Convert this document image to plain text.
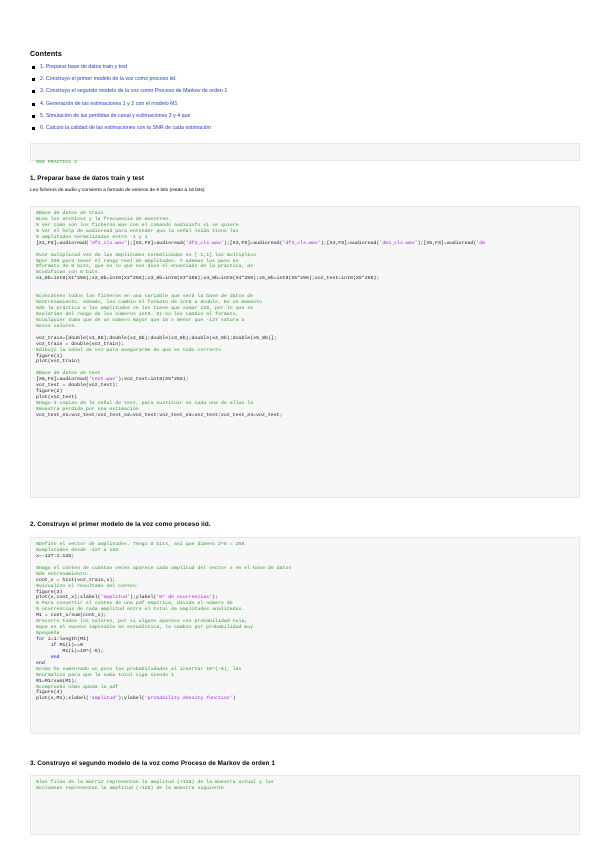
Contents
1. Preparar base de datos train y test
2. Construyo el primer modelo de la voz como proceso iid.
3. Construyo el segundo modelo de la voz como Proceso de Markov de orden 1
4. Generación de las estimaciones 1 y 2 con el modelo M1
5. Simulación de las perdidas de canal y estimaciones 3 y 4 que
6. Calculo la calidad de las estimaciones con la SNR de cada estimación

%%% PRACTICA 2

1. Preparar base de datos train y test
Leo ficheros de audio y convierto a formato de enteros de 8 bits (están a 16 bits)
%Base de datos de train
%Leo los archivos y la frecuencia de muestreo.
% ver como son los ficheros.wav con el comando audioinfo si se quiere.
% ver el help de audioread para entender que la señal leida tiene las
% amplitudes normalizadas entre -1 y 1
[X1,FS]=audioread('df1_cls.wav');[X2,FS]=audioread('df2_cls.wav');[X3,FS]=audioread('df3_cls.wav');[X4,FS]=audioread('dm1_cls.wav');[X5,FS]=audioread('dm
%voz muliplicad vez de las amplitudes normalizadas en [-1,1] las multiplico
%por 256 para tener el rango real de amplitudes. Y ademas las paso en
%formato de 8 bits, que es lo que nos dice el enunciado de la práctica, de
%codifican con 8 bits.
x1_8b=int8(X1*256);x2_8b=int8(X2*256);x3_8b=int8(X3*256);x4_8b=int8(X4*256);x5_8b=int8(X5*256);voz_test=int8(X5*256);
%concateno todos los ficheros en una variable que será la base de datos de
%entrenamiento. Además, les cambio el formato de int8 a double. En un momento
%de la práctica a las amplitudes se les tiene que sumar 128, por lo que se
%saldrían del rango de los números int8. Si no les cambio el formato,
%cualquier suma que de un número mayor que 16 o menor que -127 satura a
%esos valores.
voz_train=[double(x1_8b);double(x2_8b);double(x3_8b);double(x4_8b);double(x5_8b)];
voz_train = double(voz_train);
%dibujo la señal de voz para asegurarme de que es todo correcto
figure(1)
plot(voz_train)
%Base de datos de test
[X6,FS]=audioread('test.wav');voz_test=int8(X5*256);
voz_test = double(voz_test);
figure(2)
plot(voz_test)
%Hago 4 copias de la señal de test, para sustituir en cada una de ellas la
%muestra perdida por una estimación
voz_test_e1=voz_test;voz_test_e2=voz_test;voz_test_e3=voz_test;voz_test_e4=voz_test;
2. Construyo el primer modelo de la voz como proceso iid.
%Defino el vector de amplitudes. Tengo 8 bits, así que dimeno 2^8 = 256
%amplitudes desde -127 a 128
x=-127:1:128;
%Hago el conteo de cuántas veces aparece cada amplitud del vector x en el base de datos
%de entrenamiento:
cont_x = hist(voz_train,x);
%visualizo el resultado del conteo:
figure(3)
plot(x,cont_x);xlabel('amplitud');ylabel('Nº de ocurrencias');
% Para convertir el conteo de una pdf empírica, divido el número de
% ocurrencias de cada amplitud entre el total de amplitudes analizadas.
M1 = cont_x/sum(cont_x);
%recorro todos los valores, por si alguno aparece con probabilidad nula,
%que es el suceso imposible en estadística, lo cambio por probabilidad muy
%pequeña
for i=1:length(M1)
if M1(i)==0
M1(i)=10^(-6);
end
end
%como he sumentado un poco las probabilidades al insertar 10^(-6), las
%normalizo para que la suma total siga siendo 1
M1=M1/sum(M1);
%compruebo cómo queda la pdf
figure(4)
plot(x,M1);xlabel('amplitud');ylabel('probability density function')
3. Construyo el segundo modelo de la voz como Proceso de Markov de orden 1
%las filas de la matriz representan la amplitud (+128) de la muestra actual y las
%columnas representan la amplitud (+128) de la muestra siguiente
